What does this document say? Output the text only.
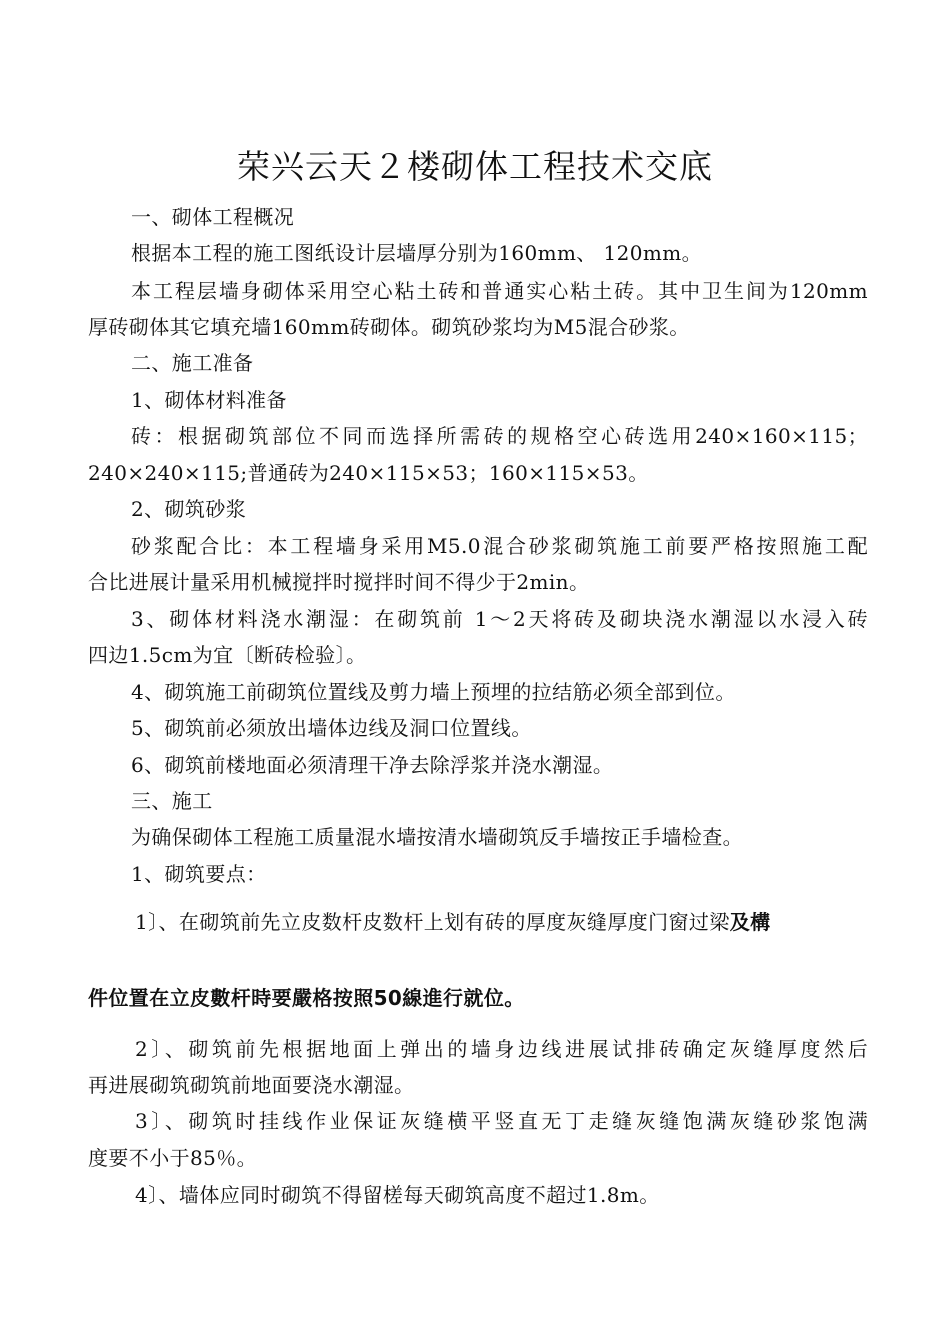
荣兴云天２楼砌体工程技术交底

一、砌体工程概况

根据本工程的施工图纸设计层墙厚分别为160mm、 120mm。

本工程层墙身砌体采用空心粘土砖和普通实心粘土砖。其中卫生间为120mm

厚砖砌体其它填充墙160mm砖砌体。砌筑砂浆均为M5混合砂浆。

二、施工准备

1、砌体材料准备

砖：根据砌筑部位不同而选择所需砖的规格空心砖选用240×160×115；

240×240×115;普通砖为240×115×53；160×115×53。

2、砌筑砂浆

砂浆配合比：本工程墙身采用M5.0混合砂浆砌筑施工前要严格按照施工配

合比进展计量采用机械搅拌时搅拌时间不得少于2min。

3、砌体材料浇水潮湿：在砌筑前 1～2天将砖及砌块浇水潮湿以水浸入砖

四边1.5cm为宜〔断砖检验〕。

4、砌筑施工前砌筑位置线及剪力墙上预埋的拉结筋必须全部到位。

5、砌筑前必须放出墙体边线及洞口位置线。

6、砌筑前楼地面必须清理干净去除浮浆并浇水潮湿。

三、施工

为确保砌体工程施工质量混水墙按清水墙砌筑反手墙按正手墙检查。

1、砌筑要点：

1〕、在砌筑前先立皮数杆皮数杆上划有砖的厚度灰缝厚度门窗过梁及構

件位置在立皮數杆時要嚴格按照50線進行就位。

2〕、砌筑前先根据地面上弹出的墙身边线进展试排砖确定灰缝厚度然后

再进展砌筑砌筑前地面要浇水潮湿。

3〕、砌筑时挂线作业保证灰缝横平竖直无丁走缝灰缝饱满灰缝砂浆饱满

度要不小于85％。

4〕、墙体应同时砌筑不得留槎每天砌筑高度不超过1.8m。
